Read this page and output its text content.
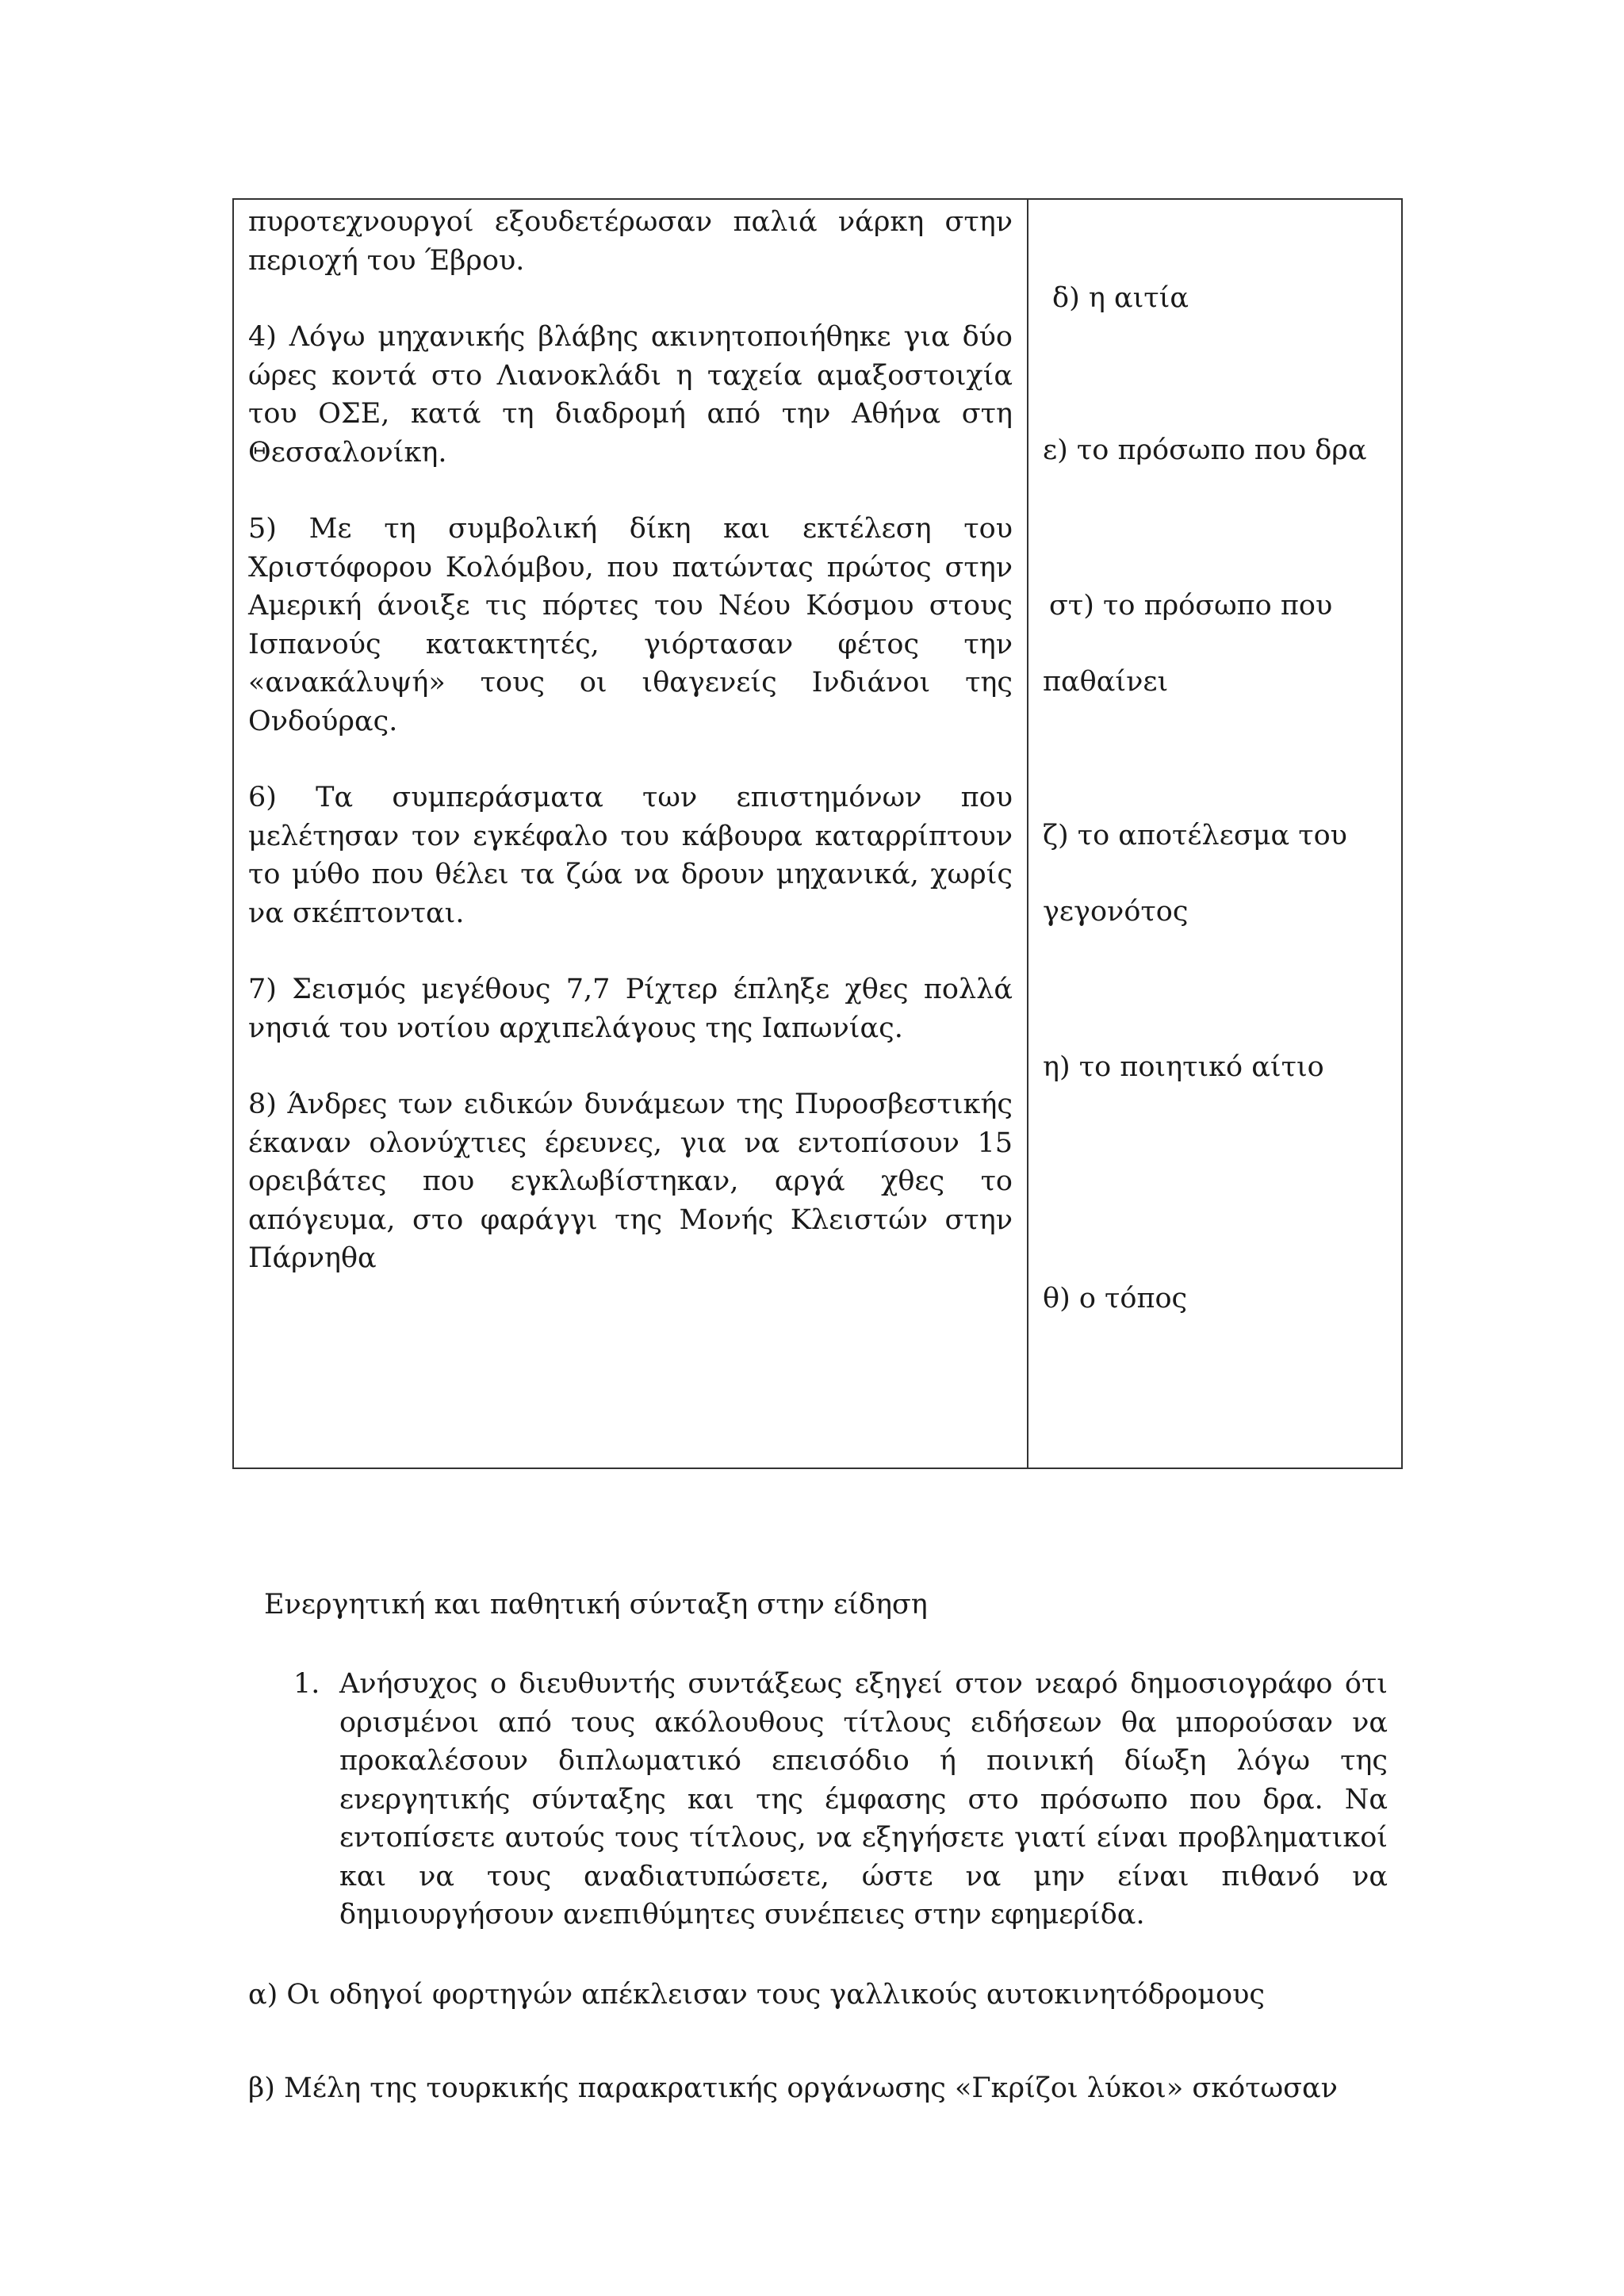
πυροτεχνουργοί εξουδετέρωσαν παλιά νάρκη στην περιοχή του Έβρου.

4) Λόγω μηχανικής βλάβης ακινητοποιήθηκε για δύο ώρες κοντά στο Λιανοκλάδι η ταχεία αμαξοστοιχία του ΟΣΕ, κατά τη διαδρομή από την Αθήνα στη Θεσσαλονίκη.

5) Με τη συμβολική δίκη και εκτέλεση του Χριστόφορου Κολόμβου, που πατώντας πρώτος στην Αμερική άνοιξε τις πόρτες του Νέου Κόσμου στους Ισπανούς κατακτητές, γιόρτασαν φέτος την «ανακάλυψή» τους οι ιθαγενείς Ινδιάνοι της Ονδούρας.

6) Τα συμπεράσματα των επιστημόνων που μελέτησαν τον εγκέφαλο του κάβουρα καταρρίπτουν το μύθο που θέλει τα ζώα να δρουν μηχανικά, χωρίς να σκέπτονται.

7) Σεισμός μεγέθους 7,7 Ρίχτερ έπληξε χθες πολλά νησιά του νοτίου αρχιπελάγους της Ιαπωνίας.

8) Άνδρες των ειδικών δυνάμεων της Πυροσβεστικής έκαναν ολονύχτιες έρευνες, για να εντοπίσουν 15 ορειβάτες που εγκλωβίστηκαν, αργά χθες το απόγευμα, στο φαράγγι της Μονής Κλειστών στην Πάρνηθα

δ) η αιτία

ε) το πρόσωπο που δρα

στ) το πρόσωπο που

παθαίνει

ζ) το αποτέλεσμα του

γεγονότος

η) το ποιητικό αίτιο

θ) ο τόπος

Ενεργητική και παθητική σύνταξη στην είδηση

1. Ανήσυχος ο διευθυντής συντάξεως εξηγεί στον νεαρό δημοσιογράφο ότι ορισμένοι από τους ακόλουθους τίτλους ειδήσεων θα μπορούσαν να προκαλέσουν διπλωματικό επεισόδιο ή ποινική δίωξη λόγω της ενεργητικής σύνταξης και της έμφασης στο πρόσωπο που δρα. Να εντοπίσετε αυτούς τους τίτλους, να εξηγήσετε γιατί είναι προβληματικοί και να τους αναδιατυπώσετε, ώστε να μην είναι πιθανό να δημιουργήσουν ανεπιθύμητες συνέπειες στην εφημερίδα.

α) Οι οδηγοί φορτηγών απέκλεισαν τους γαλλικούς αυτοκινητόδρομους

β) Μέλη της τουρκικής παρακρατικής οργάνωσης «Γκρίζοι λύκοι» σκότωσαν
